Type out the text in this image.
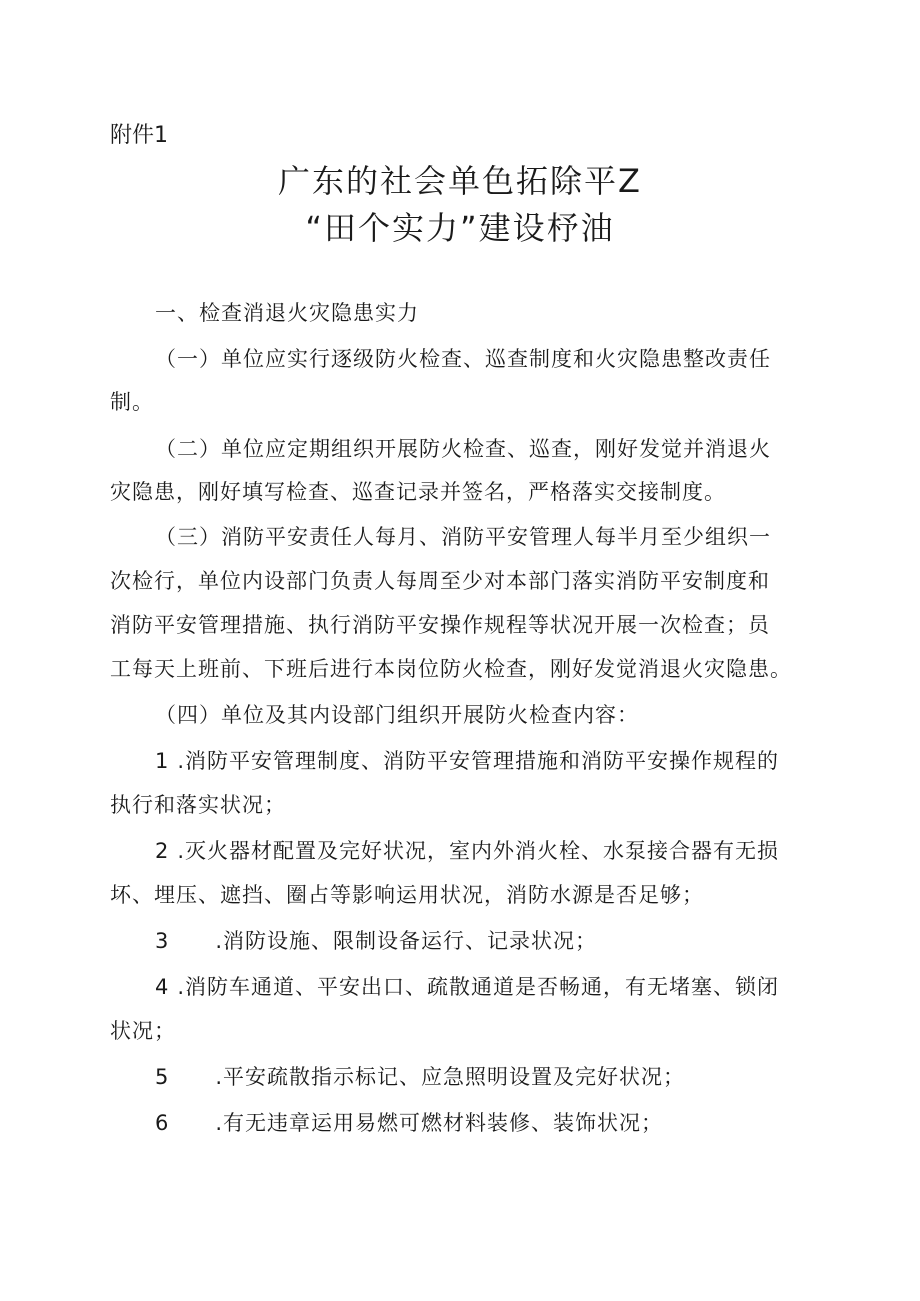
附件1
广东的社会单色拓除平Z
“田个实力”建设杼油
一、检查消退火灾隐患实力
（一）单位应实行逐级防火检查、巡查制度和火灾隐患整改责任
制。
（二）单位应定期组织开展防火检查、巡查，刚好发觉并消退火
灾隐患，刚好填写检查、巡查记录并签名，严格落实交接制度。
（三）消防平安责任人每月、消防平安管理人每半月至少组织一
次检行，单位内设部门负责人每周至少对本部门落实消防平安制度和
消防平安管理措施、执行消防平安操作规程等状况开展一次检查；员
工每天上班前、下班后进行本岗位防火检查，刚好发觉消退火灾隐患。
（四）单位及其内设部门组织开展防火检查内容：
1 .消防平安管理制度、消防平安管理措施和消防平安操作规程的
执行和落实状况；
2 .灭火器材配置及完好状况，室内外消火栓、水泵接合器有无损
坏、埋压、遮挡、圈占等影响运用状况，消防水源是否足够；
3 .消防设施、限制设备运行、记录状况；
4 .消防车通道、平安出口、疏散通道是否畅通，有无堵塞、锁闭
状况；
5 .平安疏散指示标记、应急照明设置及完好状况；
6 .有无违章运用易燃可燃材料装修、装饰状况；
